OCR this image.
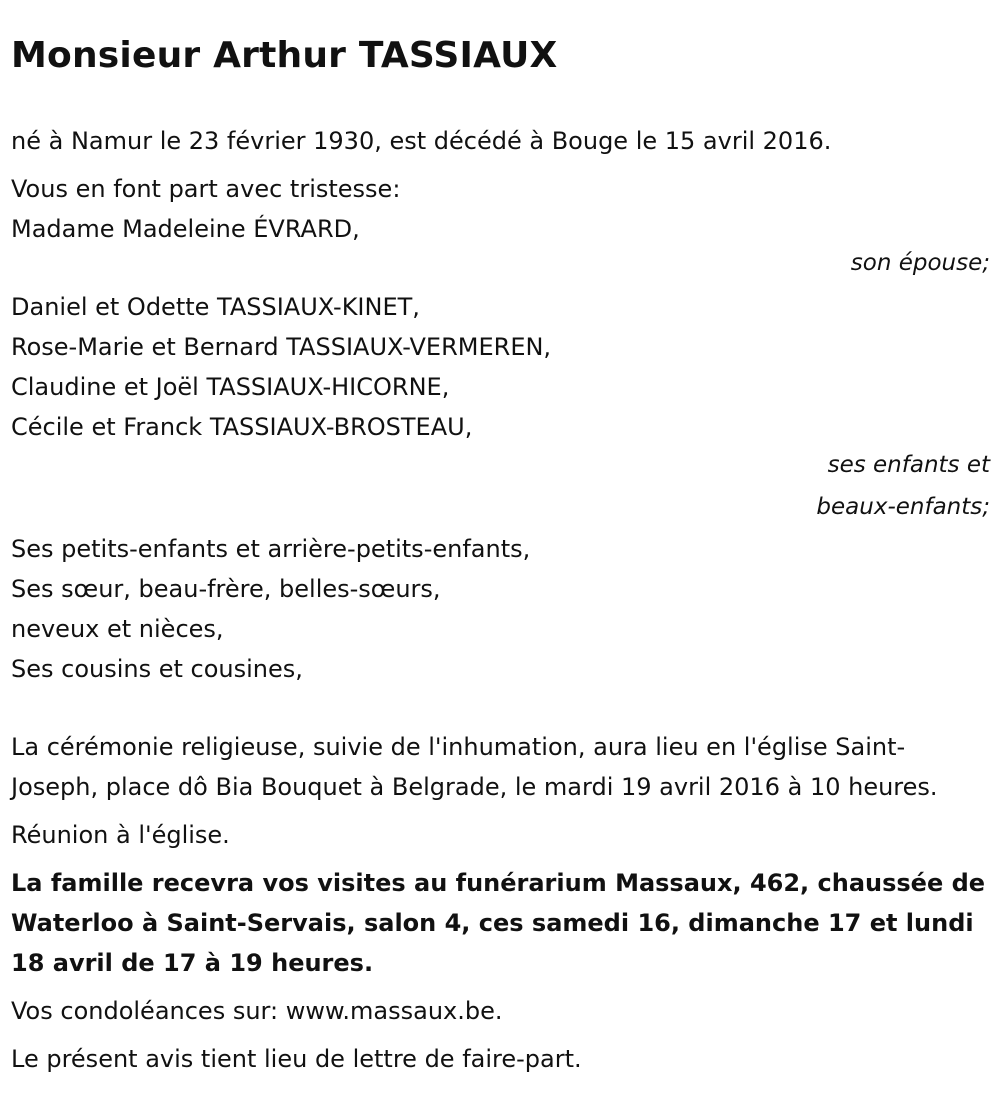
Monsieur Arthur TASSIAUX

né à Namur le 23 février 1930, est décédé à Bouge le 15 avril 2016.

Vous en font part avec tristesse:

Madame Madeleine ÉVRARD,

son épouse;

Daniel et Odette TASSIAUX-KINET,

Rose-Marie et Bernard TASSIAUX-VERMEREN,

Claudine et Joël TASSIAUX-HICORNE,

Cécile et Franck TASSIAUX-BROSTEAU,

ses enfants et

beaux-enfants;

Ses petits-enfants et arrière-petits-enfants,

Ses sœur, beau-frère, belles-sœurs,

neveux et nièces,

Ses cousins et cousines,

La cérémonie religieuse, suivie de l'inhumation, aura lieu en l'église Saint-Joseph, place dô Bia Bouquet à Belgrade, le mardi 19 avril 2016 à 10 heures.

Réunion à l'église.

La famille recevra vos visites au funérarium Massaux, 462, chaussée de Waterloo à Saint-Servais, salon 4, ces samedi 16, dimanche 17 et lundi 18 avril de 17 à 19 heures.

Vos condoléances sur: www.massaux.be.

Le présent avis tient lieu de lettre de faire-part.
